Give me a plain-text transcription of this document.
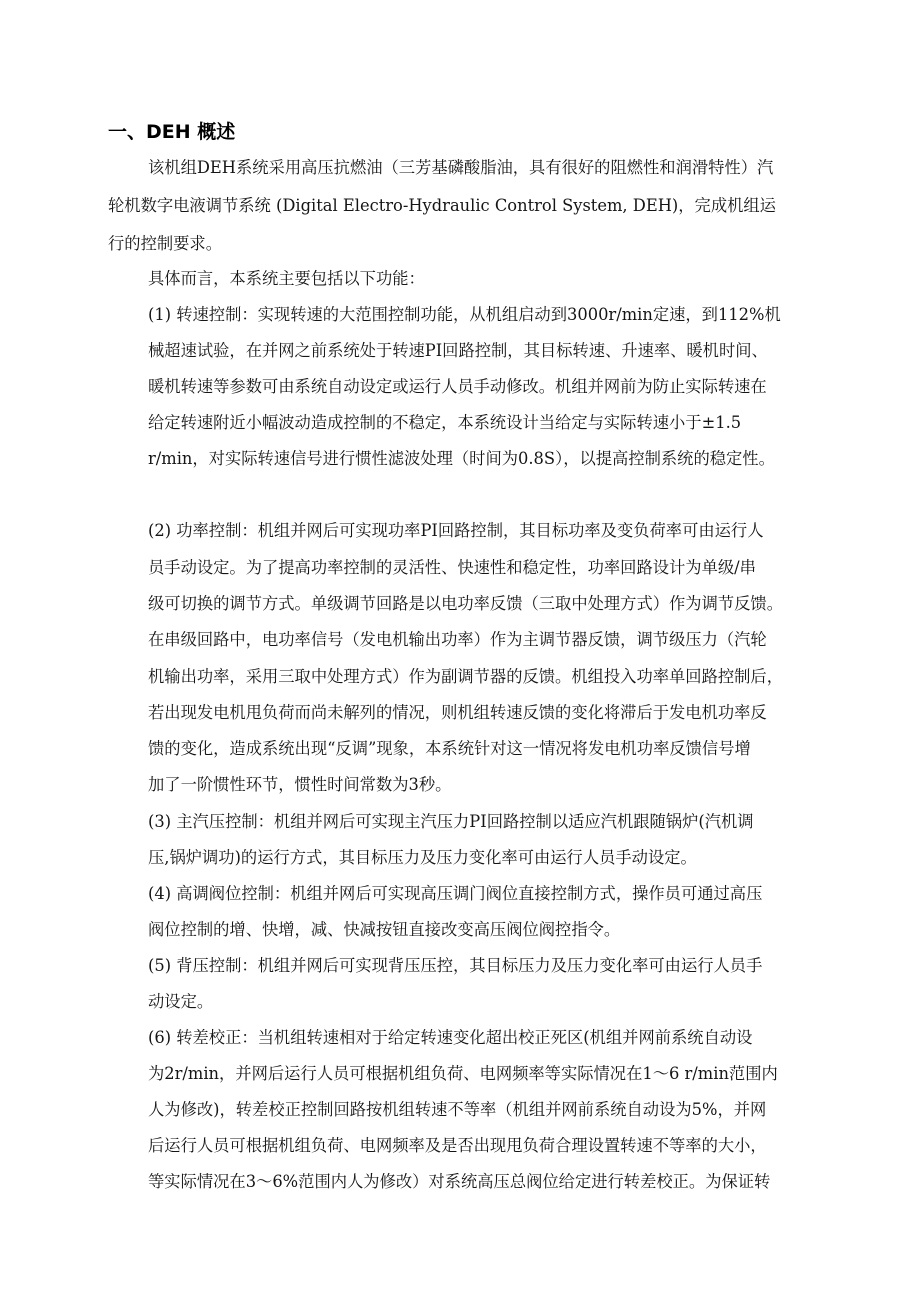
一、DEH 概述
该机组DEH系统采用高压抗燃油（三芳基磷酸脂油，具有很好的阻燃性和润滑特性）汽
轮机数字电液调节系统 (Digital Electro-Hydraulic Control System, DEH)，完成机组运
行的控制要求。
具体而言，本系统主要包括以下功能：
(1) 转速控制：实现转速的大范围控制功能，从机组启动到3000r/min定速，到112%机
械超速试验，在并网之前系统处于转速PI回路控制，其目标转速、升速率、暖机时间、
暖机转速等参数可由系统自动设定或运行人员手动修改。机组并网前为防止实际转速在
给定转速附近小幅波动造成控制的不稳定，本系统设计当给定与实际转速小于±1.5
r/min，对实际转速信号进行惯性滤波处理（时间为0.8S），以提高控制系统的稳定性。
(2) 功率控制：机组并网后可实现功率PI回路控制，其目标功率及变负荷率可由运行人
员手动设定。为了提高功率控制的灵活性、快速性和稳定性，功率回路设计为单级/串
级可切换的调节方式。单级调节回路是以电功率反馈（三取中处理方式）作为调节反馈。
在串级回路中，电功率信号（发电机输出功率）作为主调节器反馈，调节级压力（汽轮
机输出功率，采用三取中处理方式）作为副调节器的反馈。机组投入功率单回路控制后，
若出现发电机甩负荷而尚未解列的情况，则机组转速反馈的变化将滞后于发电机功率反
馈的变化，造成系统出现“反调”现象，本系统针对这一情况将发电机功率反馈信号增
加了一阶惯性环节，惯性时间常数为3秒。
(3) 主汽压控制：机组并网后可实现主汽压力PI回路控制以适应汽机跟随锅炉(汽机调
压,锅炉调功)的运行方式，其目标压力及压力变化率可由运行人员手动设定。
(4) 高调阀位控制：机组并网后可实现高压调门阀位直接控制方式，操作员可通过高压
阀位控制的增、快增，减、快减按钮直接改变高压阀位阀控指令。
(5) 背压控制：机组并网后可实现背压压控，其目标压力及压力变化率可由运行人员手
动设定。
(6) 转差校正：当机组转速相对于给定转速变化超出校正死区(机组并网前系统自动设
为2r/min，并网后运行人员可根据机组负荷、电网频率等实际情况在1～6 r/min范围内
人为修改)，转差校正控制回路按机组转速不等率（机组并网前系统自动设为5%，并网
后运行人员可根据机组负荷、电网频率及是否出现甩负荷合理设置转速不等率的大小，
等实际情况在3～6%范围内人为修改）对系统高压总阀位给定进行转差校正。为保证转
